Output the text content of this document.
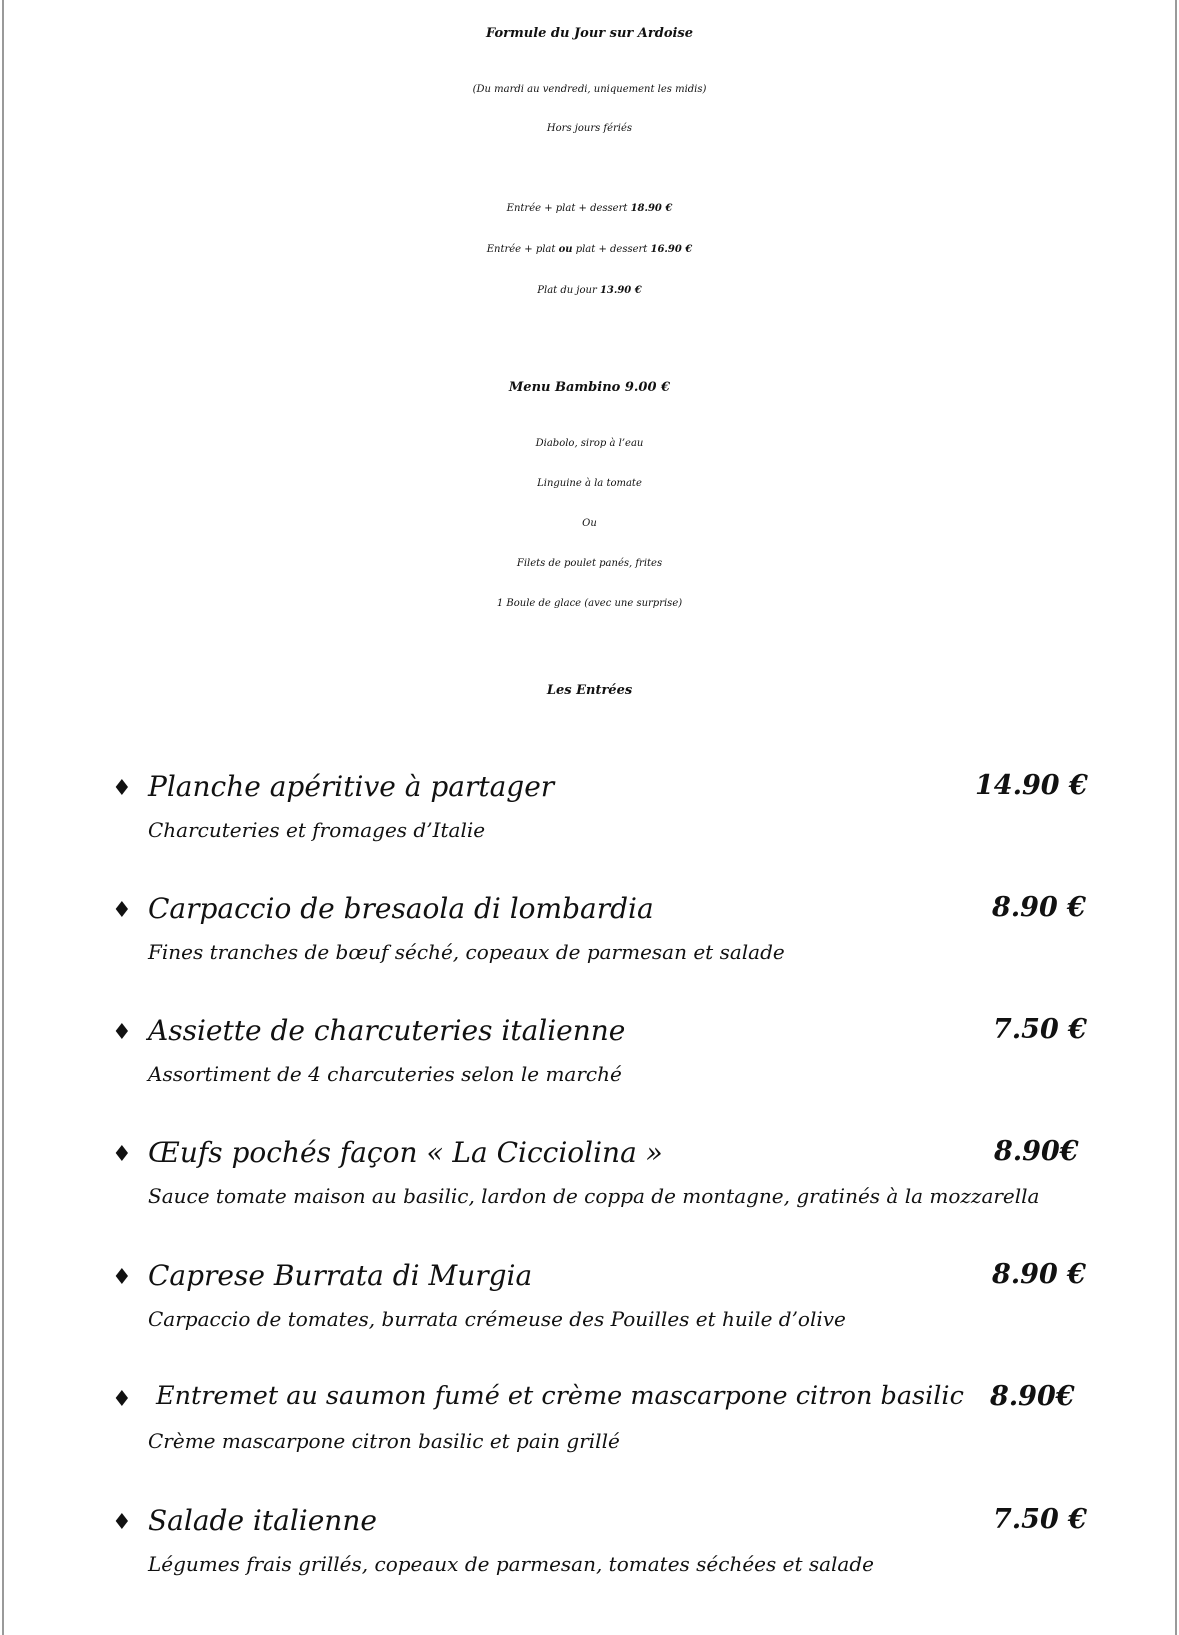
Formule du Jour sur Ardoise
(Du mardi au vendredi, uniquement les midis)
Hors jours fériés
Entrée + plat + dessert 18.90 €
Entrée + plat ou plat + dessert 16.90 €
Plat du jour 13.90 €
Menu Bambino 9.00 €
Diabolo, sirop à l’eau
Linguine à la tomate
Ou
Filets de poulet panés, frites
1 Boule de glace (avec une surprise)
Les Entrées
♦ Planche apéritive à partager	14.90 €
Charcuteries et fromages d’Italie
♦ Carpaccio de bresaola di lombardia	8.90 €
Fines tranches de bœuf séché, copeaux de parmesan et salade
♦ Assiette de charcuteries italienne	7.50 €
Assortiment de 4 charcuteries selon le marché
♦ Œufs pochés façon « La Cicciolina »	8.90€
Sauce tomate maison au basilic, lardon de coppa de montagne, gratinés à la mozzarella
♦ Caprese Burrata di Murgia	8.90 €
Carpaccio de tomates, burrata crémeuse des Pouilles et huile d’olive
♦ Entremet au saumon fumé et crème mascarpone citron basilic 8.90€
Crème mascarpone citron basilic et pain grillé
♦ Salade italienne	7.50 €
Légumes frais grillés, copeaux de parmesan, tomates séchées et salade
